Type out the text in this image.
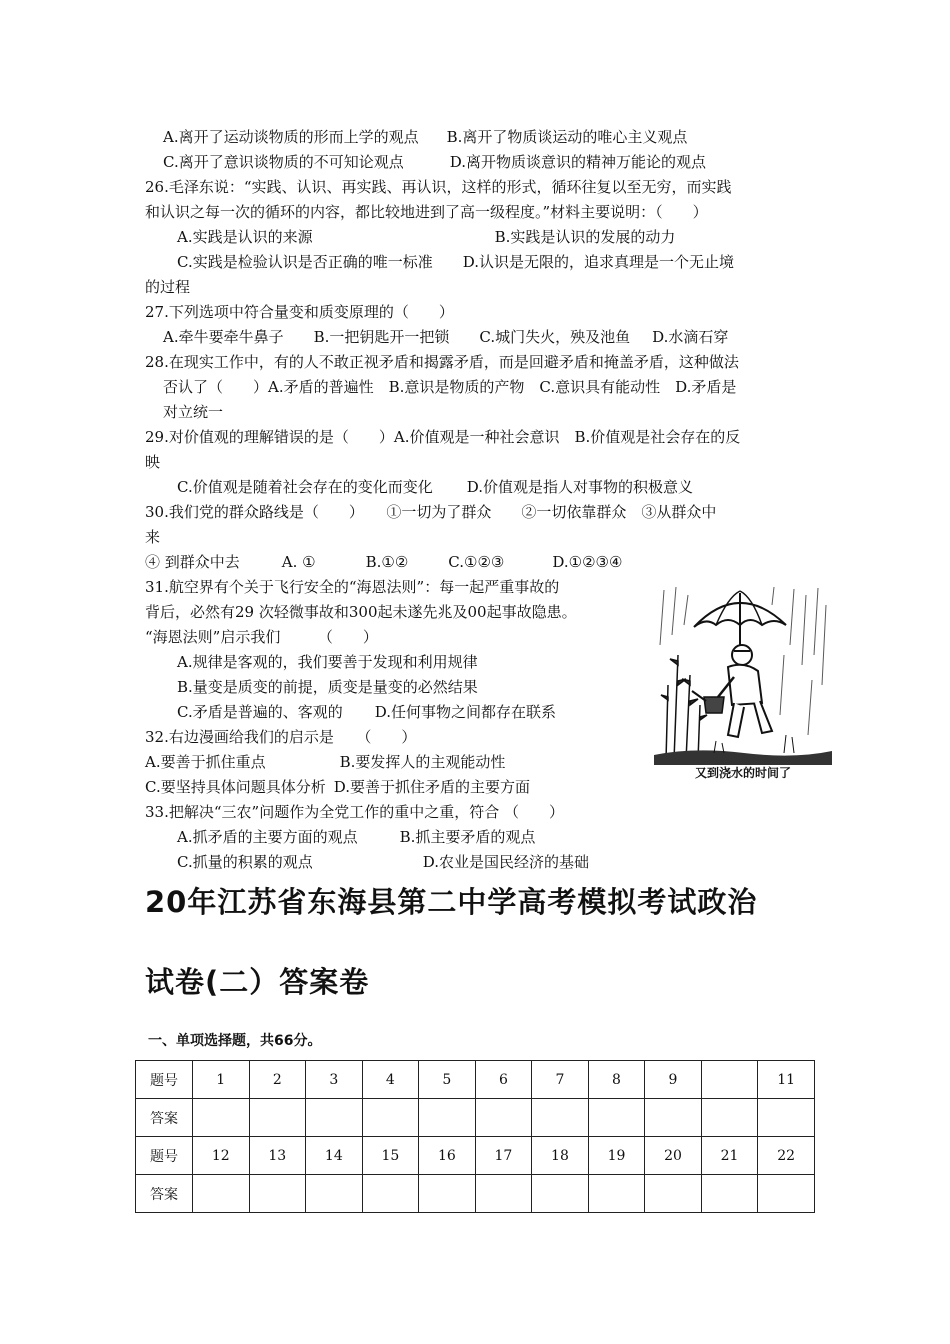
A.离开了运动谈物质的形而上学的观点 B.离开了物质谈运动的唯心主义观点
C.离开了意识谈物质的不可知论观点	D.离开物质谈意识的精神万能论的观点
26.毛泽东说：“实践、认识、再实践、再认识，这样的形式，循环往复以至无穷，而实践
和认识之每一次的循环的内容，都比较地进到了高一级程度。”材料主要说明：（　　）
A.实践是认识的来源	B.实践是认识的发展的动力
C.实践是检验认识是否正确的唯一标准 D.认识是无限的，追求真理是一个无止境
的过程
27.下列选项中符合量变和质变原理的（　　）
A.牵牛要牵牛鼻子 B.一把钥匙开一把锁 C.城门失火，殃及池鱼 D.水滴石穿
28.在现实工作中，有的人不敢正视矛盾和揭露矛盾，而是回避矛盾和掩盖矛盾，这种做法
否认了（　　）A.矛盾的普遍性　B.意识是物质的产物　C.意识具有能动性　D.矛盾是
对立统一
29.对价值观的理解错误的是（　　）A.价值观是一种社会意识　B.价值观是社会存在的反
映
C.价值观是随着社会存在的变化而变化 D.价值观是指人对事物的积极意义
30.我们党的群众路线是（　　）　　①一切为了群众　　②一切依靠群众　③从群众中
来
④ 到群众中去	A. ①	B.①②	C.①②③	D.①②③④
31.航空界有个关于飞行安全的“海恩法则”：每一起严重事故的
背后，必然有29 次轻微事故和300起未遂先兆及00起事故隐患。
“海恩法则”启示我们　　　（　　）
A.规律是客观的，我们要善于发现和利用规律
B.量变是质变的前提，质变是量变的必然结果
C.矛盾是普遍的、客观的 D.任何事物之间都存在联系
32.右边漫画给我们的启示是　　（　　）
A.要善于抓住重点	B.要发挥人的主观能动性
C.要坚持具体问题具体分析 D.要善于抓住矛盾的主要方面
33.把解决“三农”问题作为全党工作的重中之重，符合 （　　）
A.抓矛盾的主要方面的观点	B.抓主要矛盾的观点
C.抓量的积累的观点	D.农业是国民经济的基础
又到浇水的时间了
20年江苏省东海县第二中学高考模拟考试政治
试卷(二）答案卷
一、单项选择题，共66分。
题号	1	2	3	4	5	6	7	8	9		11
答案											
题号	12	13	14	15	16	17	18	19	20	21	22
答案											
